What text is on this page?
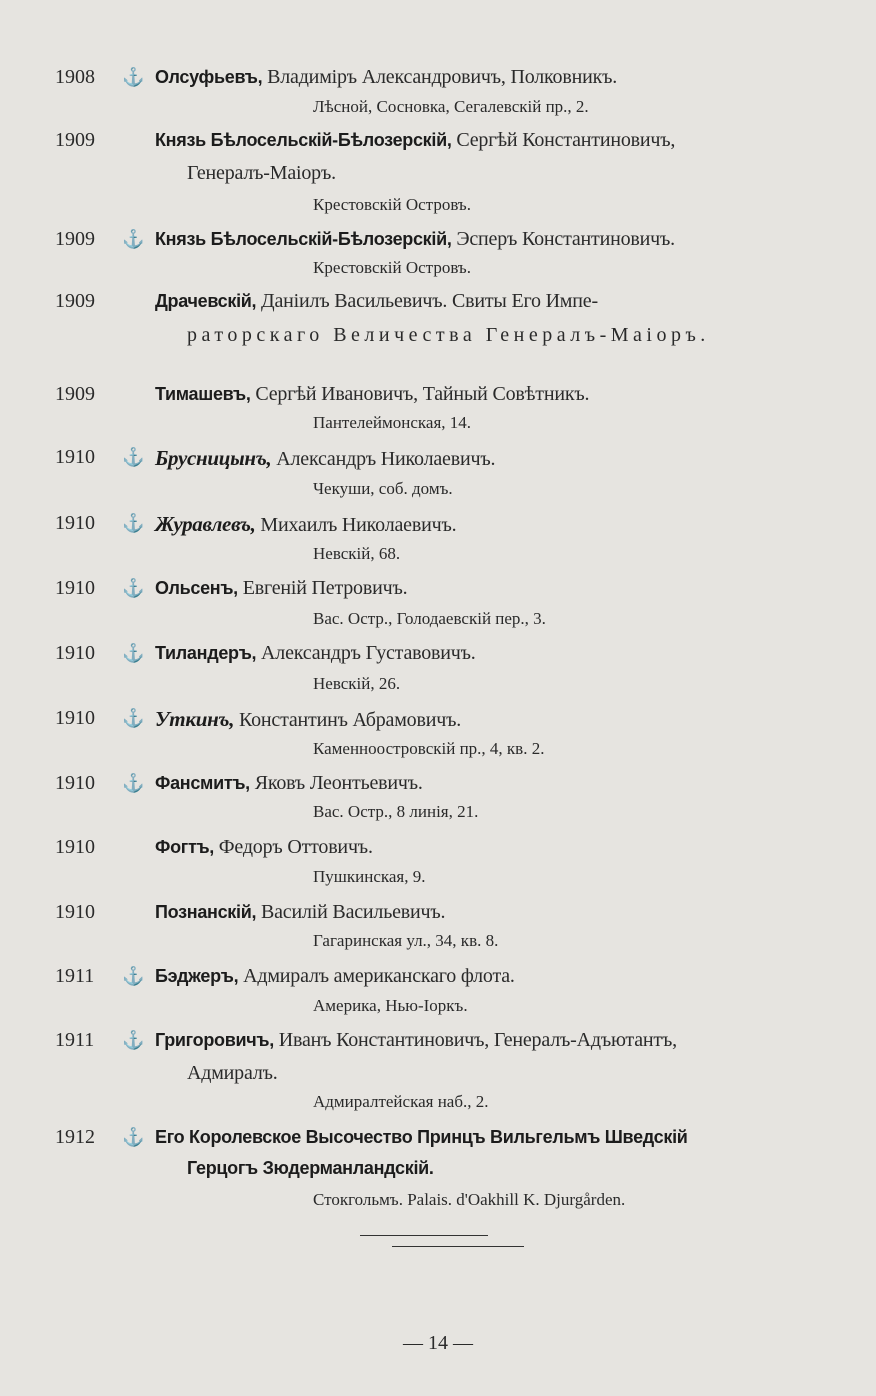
1908 ⚓ Олсуфьевъ, Владиміръ Александровичъ, Полковникъ.
Лѣсной, Сосновка, Сегалевскій пр., 2.
1909	Князь Бѣлосельскій-Бѣлозерскій, Сергѣй Константиновичъ,
Генералъ-Маіоръ.
Крестовскій Островъ.
1909 ⚓ Князь Бѣлосельскій-Бѣлозерскій, Эсперъ Константиновичъ.
Крестовскій Островъ.
1909	Драчевскій, Даніилъ Васильевичъ. Свиты Его Импе-
раторскаго Величества Генералъ-Маіоръ.
1909	Тимашевъ, Сергѣй Ивановичъ, Тайный Совѣтникъ.
Пантелеймонская, 14.
1910 ⚓ Брусницынъ, Александръ Николаевичъ.
Чекуши, соб. домъ.
1910 ⚓ Журавлевъ, Михаилъ Николаевичъ.
Невскій, 68.
1910 ⚓ Ольсенъ, Евгеній Петровичъ.
Вас. Остр., Голодаевскій пер., 3.
1910 ⚓ Тиландеръ, Александръ Густавовичъ.
Невскій, 26.
1910 ⚓ Уткинъ, Константинъ Абрамовичъ.
Каменноостровскій пр., 4, кв. 2.
1910 ⚓ Фансмитъ, Яковъ Леонтьевичъ.
Вас. Остр., 8 линія, 21.
1910	Фогтъ, Федоръ Оттовичъ.
Пушкинская, 9.
1910	Познанскій, Василій Васильевичъ.
Гагаринская ул., 34, кв. 8.
1911 ⚓ Бэджеръ, Адмиралъ американскаго флота.
Америка, Нью-Іоркъ.
1911 ⚓ Григоровичъ, Иванъ Константиновичъ, Генералъ-Адъютантъ,
Адмиралъ.
Адмиралтейская наб., 2.
1912 ⚓ Его Королевское Высочество Принцъ Вильгельмъ Шведскій
Герцогъ Зюдерманландскій.
Стокгольмъ. Palais. d'Oakhill K. Djurgården.
— 14 —
